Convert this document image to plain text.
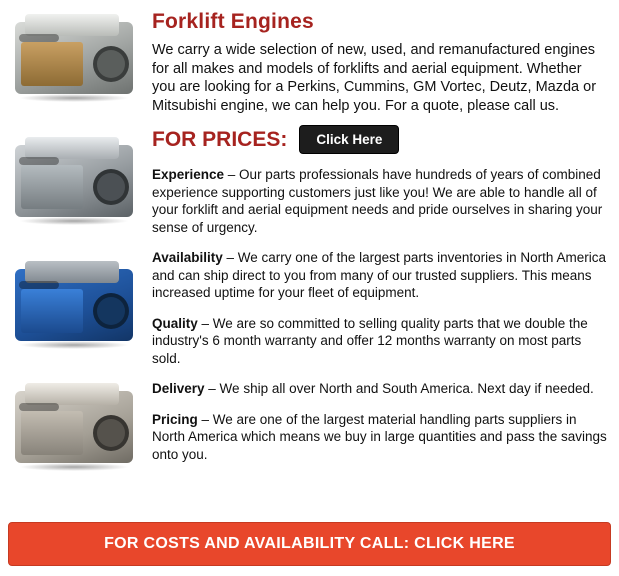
Forklift Engines

We carry a wide selection of new, used, and remanufactured engines for all makes and models of forklifts and aerial equipment. Whether you are looking for a Perkins, Cummins, GM Vortec, Deutz, Mazda or Mitsubishi engine, we can help you. For a quote, please call us.

FOR PRICES:	Click Here

Experience – Our parts professionals have hundreds of years of combined experience supporting customers just like you! We are able to handle all of your forklift and aerial equipment needs and pride ourselves in sharing your sense of urgency.

Availability – We carry one of the largest parts inventories in North America and can ship direct to you from many of our trusted suppliers. This means increased uptime for your fleet of equipment.

Quality – We are so committed to selling quality parts that we double the industry's 6 month warranty and offer 12 months warranty on most parts sold.

Delivery – We ship all over North and South America. Next day if needed.

Pricing – We are one of the largest material handling parts suppliers in North America which means we buy in large quantities and pass the savings onto you.

FOR COSTS AND AVAILABILITY CALL: CLICK HERE
